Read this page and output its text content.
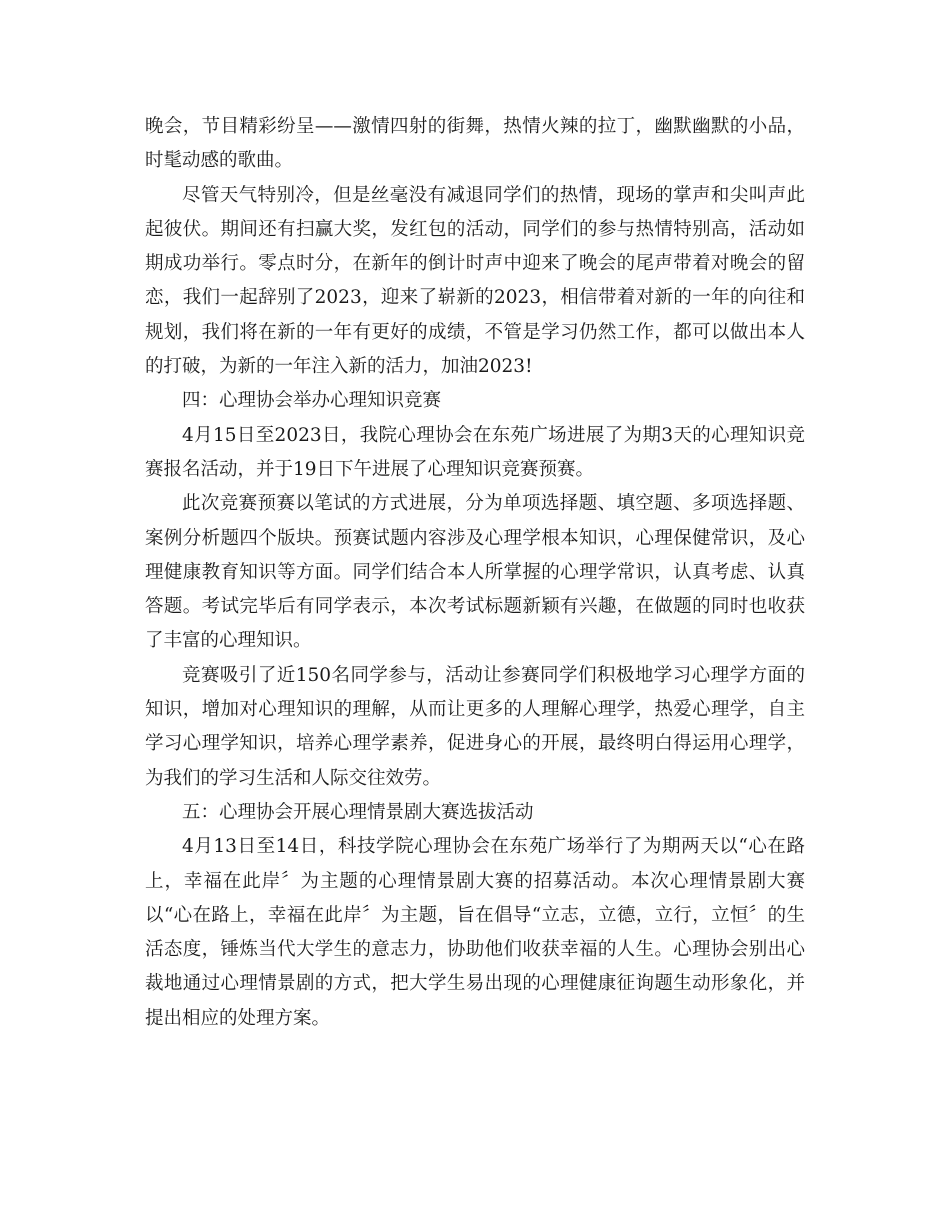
晚会，节目精彩纷呈——激情四射的街舞，热情火辣的拉丁，幽默幽默的小品，时髦动感的歌曲。

尽管天气特别冷，但是丝毫没有减退同学们的热情，现场的掌声和尖叫声此起彼伏。期间还有扫赢大奖，发红包的活动，同学们的参与热情特别高，活动如期成功举行。零点时分，在新年的倒计时声中迎来了晚会的尾声带着对晚会的留恋，我们一起辞别了2023，迎来了崭新的2023，相信带着对新的一年的向往和规划，我们将在新的一年有更好的成绩，不管是学习仍然工作，都可以做出本人的打破，为新的一年注入新的活力，加油2023!

四：心理协会举办心理知识竞赛

4月15日至2023日，我院心理协会在东苑广场进展了为期3天的心理知识竞赛报名活动，并于19日下午进展了心理知识竞赛预赛。

此次竞赛预赛以笔试的方式进展，分为单项选择题、填空题、多项选择题、案例分析题四个版块。预赛试题内容涉及心理学根本知识，心理保健常识，及心理健康教育知识等方面。同学们结合本人所掌握的心理学常识，认真考虑、认真答题。考试完毕后有同学表示，本次考试标题新颖有兴趣，在做题的同时也收获了丰富的心理知识。

竞赛吸引了近150名同学参与，活动让参赛同学们积极地学习心理学方面的知识，增加对心理知识的理解，从而让更多的人理解心理学，热爱心理学，自主学习心理学知识，培养心理学素养，促进身心的开展，最终明白得运用心理学，为我们的学习生活和人际交往效劳。

五：心理协会开展心理情景剧大赛选拔活动

4月13日至14日，科技学院心理协会在东苑广场举行了为期两天以“心在路上，幸福在此岸〞为主题的心理情景剧大赛的招募活动。本次心理情景剧大赛以“心在路上，幸福在此岸〞为主题，旨在倡导“立志，立德，立行，立恒〞的生活态度，锤炼当代大学生的意志力，协助他们收获幸福的人生。心理协会别出心裁地通过心理情景剧的方式，把大学生易出现的心理健康征询题生动形象化，并提出相应的处理方案。
